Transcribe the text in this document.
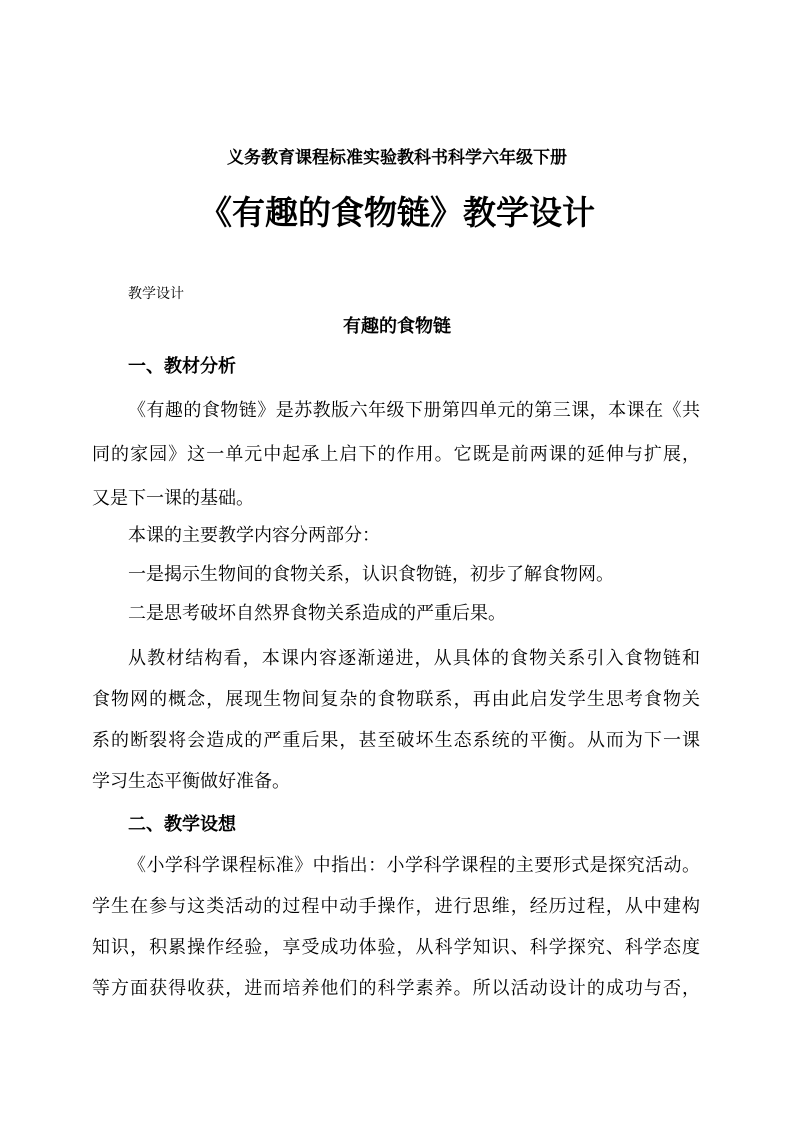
义务教育课程标准实验教科书科学六年级下册
《有趣的食物链》教学设计
教学设计
有趣的食物链
一、教材分析
《有趣的食物链》是苏教版六年级下册第四单元的第三课，本课在《共
同的家园》这一单元中起承上启下的作用。它既是前两课的延伸与扩展，
又是下一课的基础。
本课的主要教学内容分两部分：
一是揭示生物间的食物关系，认识食物链，初步了解食物网。
二是思考破坏自然界食物关系造成的严重后果。
从教材结构看，本课内容逐渐递进，从具体的食物关系引入食物链和
食物网的概念，展现生物间复杂的食物联系，再由此启发学生思考食物关
系的断裂将会造成的严重后果，甚至破坏生态系统的平衡。从而为下一课
学习生态平衡做好准备。
二、教学设想
《小学科学课程标准》中指出：小学科学课程的主要形式是探究活动。
学生在参与这类活动的过程中动手操作，进行思维，经历过程，从中建构
知识，积累操作经验，享受成功体验，从科学知识、科学探究、科学态度
等方面获得收获，进而培养他们的科学素养。所以活动设计的成功与否，
